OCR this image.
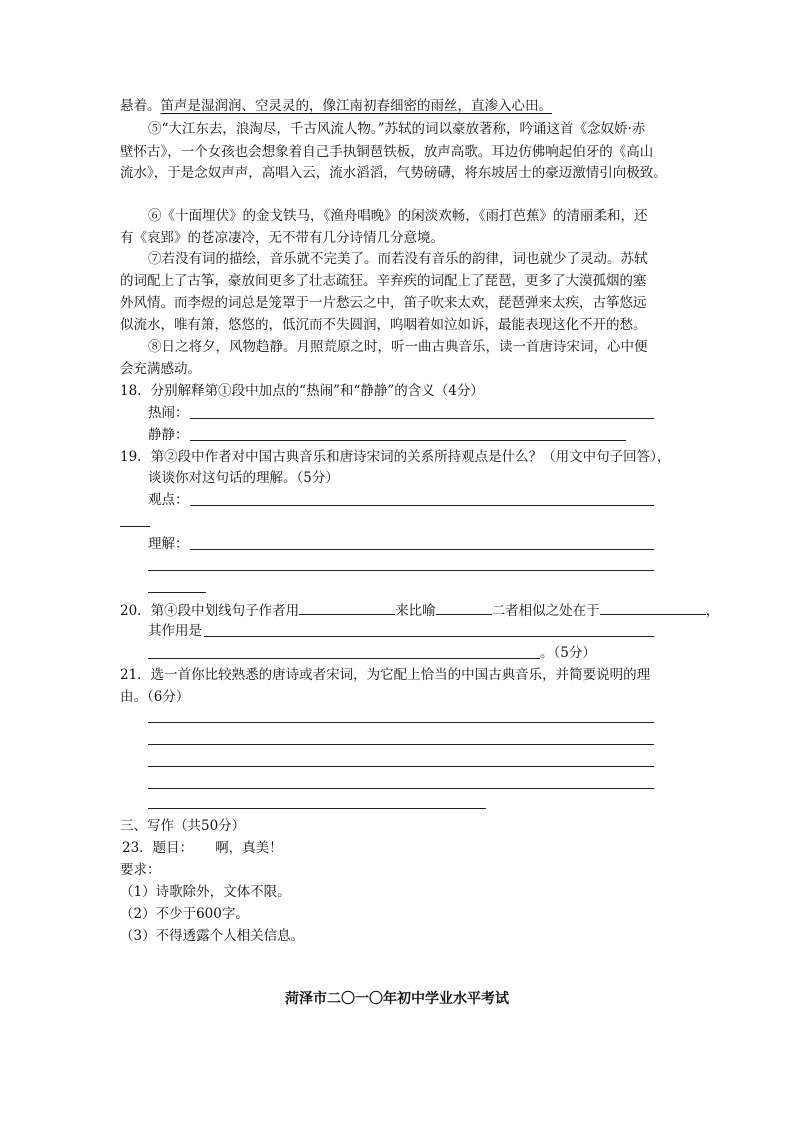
悬着。笛声是湿润润、空灵灵的，像江南初春细密的雨丝，直渗入心田。
⑤“大江东去，浪淘尽，千古风流人物。”苏轼的词以豪放著称，吟诵这首《念奴娇·赤
壁怀古》，一个女孩也会想象着自己手执铜琶铁板，放声高歌。耳边仿佛响起伯牙的《高山
流水》，于是念奴声声，高唱入云，流水滔滔，气势磅礴，将东坡居士的豪迈激情引向极致。
⑥《十面埋伏》的金戈铁马，《渔舟唱晚》的闲淡欢畅，《雨打芭蕉》的清丽柔和，还
有《哀郢》的苍凉凄冷，无不带有几分诗情几分意境。
⑦若没有词的描绘，音乐就不完美了。而若没有音乐的韵律，词也就少了灵动。苏轼
的词配上了古筝，豪放间更多了壮志疏狂。辛弃疾的词配上了琵琶，更多了大漠孤烟的塞
外风情。而李煜的词总是笼罩于一片愁云之中，笛子吹来太欢，琵琶弹来太疾，古筝悠远
似流水，唯有箫，悠悠的，低沉而不失圆润，呜咽着如泣如诉，最能表现这化不开的愁。
⑧日之将夕，风物趋静。月照荒原之时，听一曲古典音乐，读一首唐诗宋词，心中便
会充满感动。
18．分别解释第①段中加点的“热闹”和“静静”的含义（4分）
热闹：
静静：
19．第②段中作者对中国古典音乐和唐诗宋词的关系所持观点是什么？（用文中句子回答），
谈谈你对这句话的理解。（5分）
观点：
理解：
20．第④段中划线句子作者用	来比喻	二者相似之处在于	，
其作用是
。（5分）
21．选一首你比较熟悉的唐诗或者宋词，为它配上恰当的中国古典音乐，并简要说明的理
由。（6分）
三、写作（共50分）
23．题目： 啊，真美！
要求：
（1）诗歌除外，文体不限。
（2）不少于600字。
（3）不得透露个人相关信息。
菏泽市二〇一〇年初中学业水平考试
